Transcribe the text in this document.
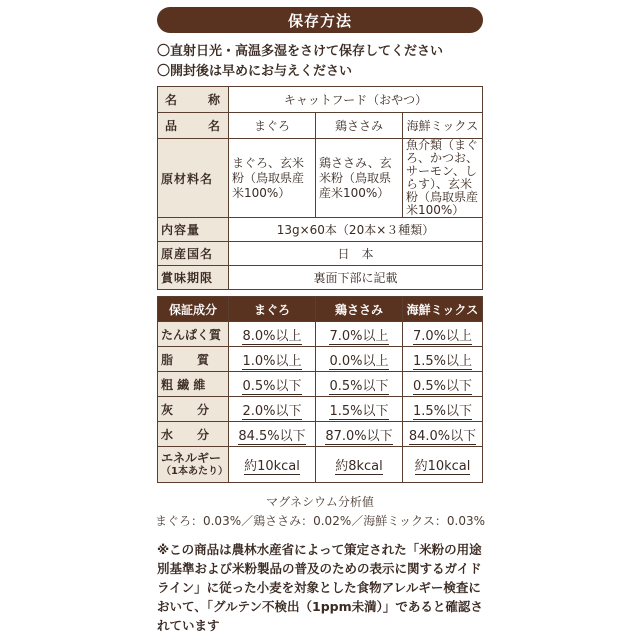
保存方法
〇直射日光・高温多湿をさけて保存してください
〇開封後は早めにお与えください
名 称	キャットフード（おやつ）		

品 名	まぐろ	鶏ささみ	海鮮ミックス
原材料名	まぐろ、玄米粉（鳥取県産米100%）	鶏ささみ、玄米粉（鳥取県産米100%）	魚介類（まぐろ、かつお、サーモン、しらす）、玄米粉（鳥取県産米100%）
内容量	13g×60本（20本×３種類）		
原産国名	日　本		
賞味期限	裏面下部に記載		
保証成分	まぐろ	鶏ささみ	海鮮ミックス
たんぱく質	8.0%以上	7.0%以上	7.0%以上
脂　　質	1.0%以上	0.0%以上	1.5%以上
粗 繊 維	0.5%以下	0.5%以下	0.5%以下
灰　　分	2.0%以下	1.5%以下	1.5%以下
水　　分	84.5%以下	87.0%以下	84.0%以下

エネルギー
（1本あたり）	約10kcal	約8kcal	約10kcal
マグネシウム分析値
まぐろ：0.03%／鶏ささみ：0.02%／海鮮ミックス：0.03%
※この商品は農林水産省によって策定された「米粉の用途別基準および米粉製品の普及のための表示に関するガイドライン」に従った小麦を対象とした食物アレルギー検査において、「グルテン不検出（1ppm未満）」であると確認されています
